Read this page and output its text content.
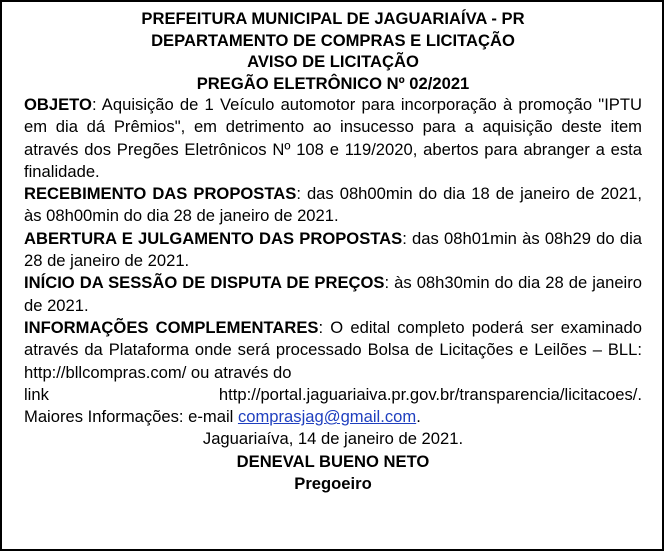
PREFEITURA MUNICIPAL DE JAGUARIAÍVA - PR
DEPARTAMENTO DE COMPRAS E LICITAÇÃO
AVISO DE LICITAÇÃO
PREGÃO ELETRÔNICO Nº 02/2021

OBJETO: Aquisição de 1 Veículo automotor para incorporação à promoção "IPTU em dia dá Prêmios", em detrimento ao insucesso para a aquisição deste item através dos Pregões Eletrônicos Nº 108 e 119/2020, abertos para abranger a esta finalidade.

RECEBIMENTO DAS PROPOSTAS: das 08h00min do dia 18 de janeiro de 2021, às 08h00min do dia 28 de janeiro de 2021.

ABERTURA E JULGAMENTO DAS PROPOSTAS: das 08h01min às 08h29 do dia 28 de janeiro de 2021.

INÍCIO DA SESSÃO DE DISPUTA DE PREÇOS: às 08h30min do dia 28 de janeiro de 2021.

INFORMAÇÕES COMPLEMENTARES: O edital completo poderá ser examinado através da Plataforma onde será processado Bolsa de Licitações e Leilões – BLL: http://bllcompras.com/ ou através do

link http://portal.jaguariaiva.pr.gov.br/transparencia/licitacoes/.

Maiores Informações: e-mail comprasjag@gmail.com.

Jaguariaíva, 14 de janeiro de 2021.
DENEVAL BUENO NETO
Pregoeiro
